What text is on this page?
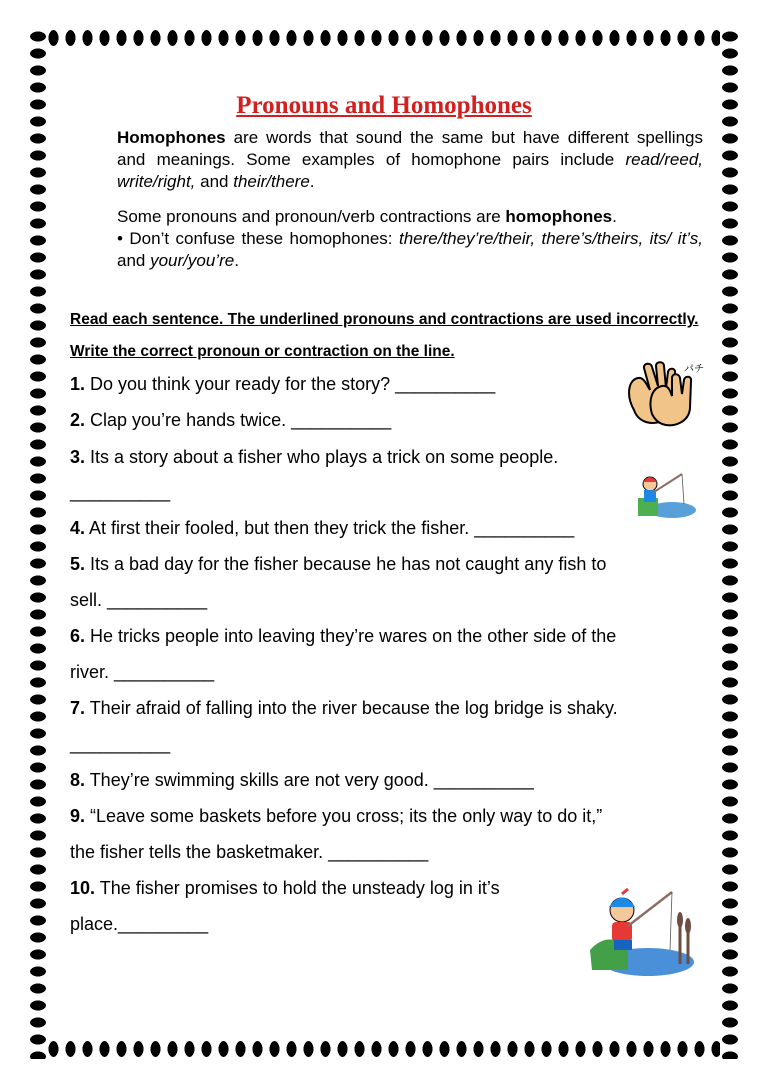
Pronouns and Homophones
Homophones are words that sound the same but have different spellings and meanings. Some examples of homophone pairs include read/reed, write/right, and their/there.
Some pronouns and pronoun/verb contractions are homophones.
• Don’t confuse these homophones: there/they’re/their, there’s/theirs, its/ it’s, and your/you’re.
Read each sentence. The underlined pronouns and contractions are used incorrectly. Write the correct pronoun or contraction on the line.
1. Do you think your ready for the story? __________
2. Clap you’re hands twice. __________
3. Its a story about a fisher who plays a trick on some people.
__________
4. At first their fooled, but then they trick the fisher. __________
5. Its a bad day for the fisher because he has not caught any fish to
sell. __________
6. He tricks people into leaving they’re wares on the other side of the
river. __________
7. Their afraid of falling into the river because the log bridge is shaky.
__________
8. They’re swimming skills are not very good. __________
9. “Leave some baskets before you cross; its the only way to do it,”
the fisher tells the basketmaker. __________
10. The fisher promises to hold the unsteady log in it’s
place._________
パチ
